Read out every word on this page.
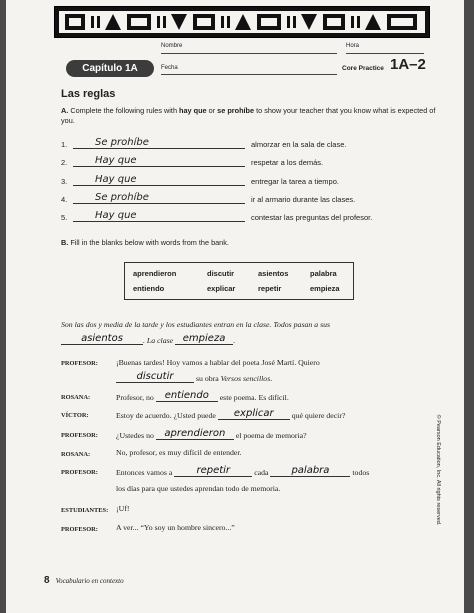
Nombre	Hora
Capítulo 1A	Fecha	Core Practice 1A–2
Las reglas
A. Complete the following rules with hay que or se prohíbe to show your teacher that you know what is expected of you.
1.	Se prohíbe	almorzar en la sala de clase.
2.	Hay que	respetar a los demás.
3.	Hay que	entregar la tarea a tiempo.
4.	Se prohíbe	ir al armario durante las clases.
5.	Hay que	contestar las preguntas del profesor.
B. Fill in the blanks below with words from the bank.
aprendieron	discutir	asientos	palabra
entiendo	explicar	repetir	empieza
Son las dos y media de la tarde y los estudiantes entran en la clase. Todos pasan a sus
asientos	. La clase empieza .
PROFESOR: ¡Buenas tardes! Hoy vamos a hablar del poeta José Martí. Quiero
discutir	su obra Versos sencillos.
ROSANA:	Profesor, no entiendo este poema. Es difícil.
VÍCTOR:	Estoy de acuerdo. ¿Usted puede explicar qué quiere decir?
PROFESOR: ¿Ustedes no aprendieron el poema de memoria?
ROSANA:	No, profesor, es muy difícil de entender.
PROFESOR: Entonces vamos a repetir	cada palabra	todos
los días para que ustedes aprendan todo de memoria.
ESTUDIANTES: ¡Uf!
PROFESOR: A ver... “Yo soy un hombre sincero...”
8 Vocabulario en contexto
© Pearson Education, Inc. All rights reserved.
